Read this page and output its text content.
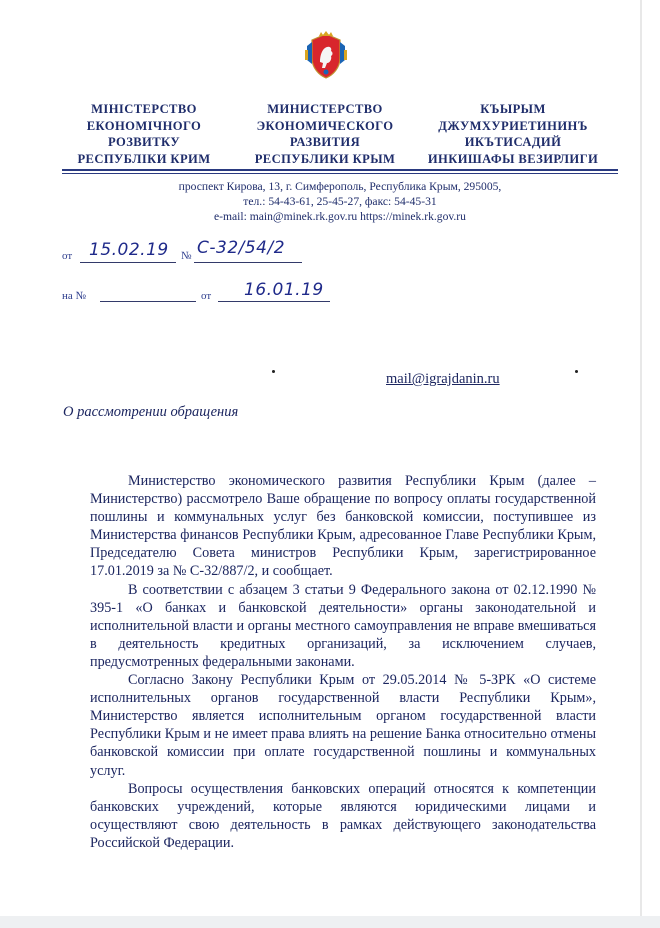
МІНІСТЕРСТВО
ЕКОНОМІЧНОГО
РОЗВИТКУ
РЕСПУБЛІКИ КРИМ
МИНИСТЕРСТВО
ЭКОНОМИЧЕСКОГО
РАЗВИТИЯ
РЕСПУБЛИКИ КРЫМ
КЪЫРЫМ
ДЖУМХУРИЕТИНИНЪ
ИКЪТИСАДИЙ
ИНКИШАФЫ ВЕЗИРЛИГИ
проспект Кирова, 13, г. Симферополь, Республика Крым, 295005,
тел.: 54-43-61, 25-45-27, факс: 54-45-31
e-mail: main@minek.rk.gov.ru https://minek.rk.gov.ru
от 15.02.19 № С-32/54/2
на №	от 16.01.19
mail@igrajdanin.ru
О рассмотрении обращения

Министерство экономического развития Республики Крым (далее – Министерство) рассмотрело Ваше обращение по вопросу оплаты государственной пошлины и коммунальных услуг без банковской комиссии, поступившее из Министерства финансов Республики Крым, адресованное Главе Республики Крым, Председателю Совета министров Республики Крым, зарегистрированное 17.01.2019 за № С-32/887/2, и сообщает.

В соответствии с абзацем 3 статьи 9 Федерального закона от 02.12.1990 № 395-1 «О банках и банковской деятельности» органы законодательной и исполнительной власти и органы местного самоуправления не вправе вмешиваться в деятельность кредитных организаций, за исключением случаев, предусмотренных федеральными законами.

Согласно Закону Республики Крым от 29.05.2014 № 5-ЗРК «О системе исполнительных органов государственной власти Республики Крым», Министерство является исполнительным органом государственной власти Республики Крым и не имеет права влиять на решение Банка относительно отмены банковской комиссии при оплате государственной пошлины и коммунальных услуг.

Вопросы осуществления банковских операций относятся к компетенции банковских учреждений, которые являются юридическими лицами и осуществляют свою деятельность в рамках действующего законодательства Российской Федерации.
